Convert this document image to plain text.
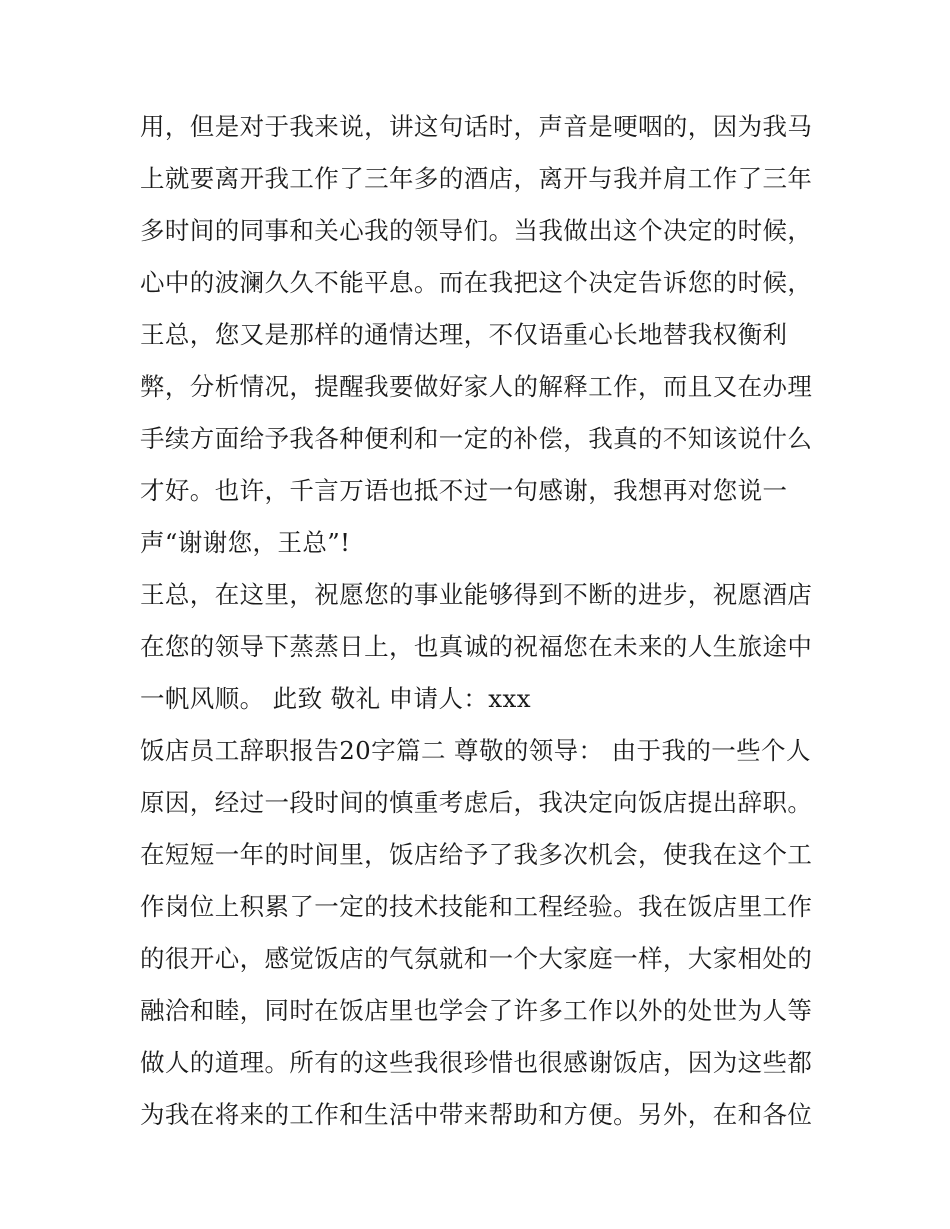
用，但是对于我来说，讲这句话时，声音是哽咽的，因为我马
上就要离开我工作了三年多的酒店，离开与我并肩工作了三年
多时间的同事和关心我的领导们。当我做出这个决定的时候，
心中的波澜久久不能平息。而在我把这个决定告诉您的时候，
王总，您又是那样的通情达理，不仅语重心长地替我权衡利
弊，分析情况，提醒我要做好家人的解释工作，而且又在办理
手续方面给予我各种便利和一定的补偿，我真的不知该说什么
才好。也许，千言万语也抵不过一句感谢，我想再对您说一
声“谢谢您，王总”!
王总，在这里，祝愿您的事业能够得到不断的进步，祝愿酒店
在您的领导下蒸蒸日上，也真诚的祝福您在未来的人生旅途中
一帆风顺。 此致 敬礼 申请人：xxx
饭店员工辞职报告20字篇二 尊敬的领导： 由于我的一些个人
原因，经过一段时间的慎重考虑后，我决定向饭店提出辞职。
在短短一年的时间里，饭店给予了我多次机会，使我在这个工
作岗位上积累了一定的技术技能和工程经验。我在饭店里工作
的很开心，感觉饭店的气氛就和一个大家庭一样，大家相处的
融洽和睦，同时在饭店里也学会了许多工作以外的处世为人等
做人的道理。所有的这些我很珍惜也很感谢饭店，因为这些都
为我在将来的工作和生活中带来帮助和方便。另外，在和各位
